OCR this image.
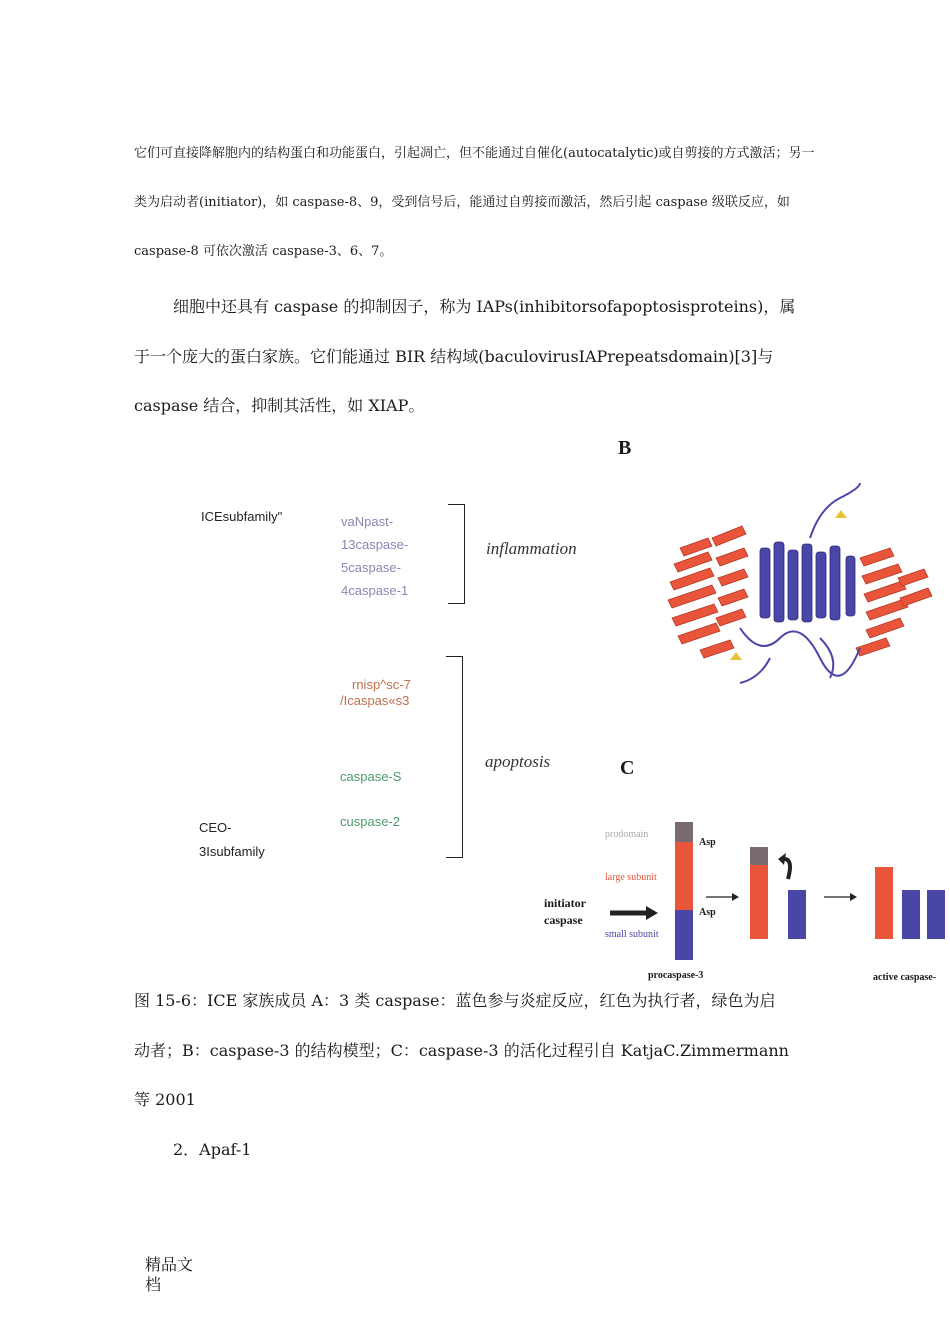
它们可直接降解胞内的结构蛋白和功能蛋白，引起凋亡，但不能通过自催化(autocatalytic)或自剪接的方式激活；另一
类为启动者(initiator)，如 caspase-8、9，受到信号后，能通过自剪接而激活，然后引起 caspase 级联反应，如
caspase-8 可依次激活 caspase-3、6、7。
细胞中还具有 caspase 的抑制因子，称为 IAPs(inhibitorsofapoptosisproteins)，属
于一个庞大的蛋白家族。它们能通过 BIR 结构域(baculovirusIAPrepeatsdomain)[3]与
caspase 结合，抑制其活性，如 XIAP。
ICEsubfamily"	vaNpast-
13caspase-
5caspase-
4caspase-1
inflammation
rnisp^sc-7
/Icaspas«s3
caspase-S
cuspase-2
apoptosis
CEO-
3Isubfamily
B
C
prodomain
large subunit
small subunit
Asp
Asp
initiator
caspase
procaspase-3	active caspase-
图 15-6：ICE 家族成员 A：3 类 caspase：蓝色参与炎症反应，红色为执行者，绿色为启
动者；B：caspase-3 的结构模型；C：caspase-3 的活化过程引自 KatjaC.Zimmermann
等 2001
2．Apaf-1
精品文
档
